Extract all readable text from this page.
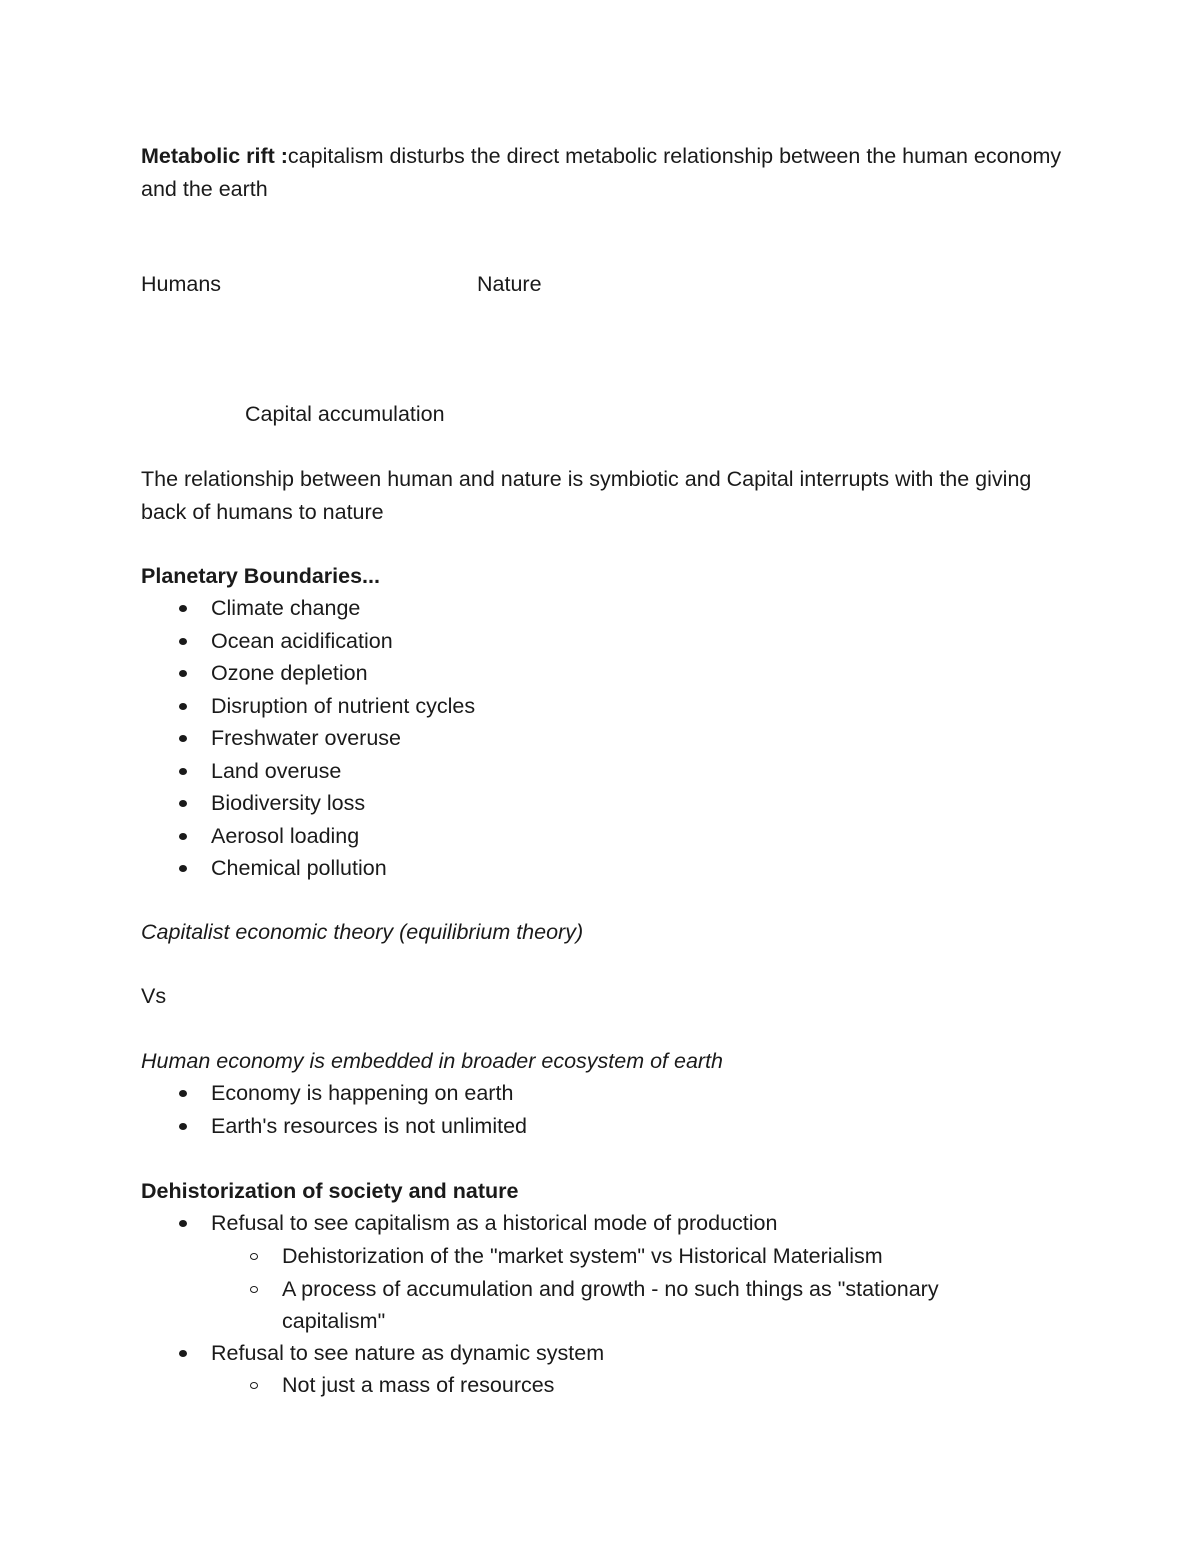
Metabolic rift :capitalism disturbs the direct metabolic relationship between the human economy and the earth
Humans	Nature
Capital accumulation
The relationship between human and nature is symbiotic and Capital interrupts with the giving back of humans to nature
Planetary Boundaries...
Climate change
Ocean acidification
Ozone depletion
Disruption of nutrient cycles
Freshwater overuse
Land overuse
Biodiversity loss
Aerosol loading
Chemical pollution
Capitalist economic theory (equilibrium theory)
Vs
Human economy is embedded in broader ecosystem of earth
Economy is happening on earth
Earth's resources is not unlimited
Dehistorization of society and nature
Refusal to see capitalism as a historical mode of production
Dehistorization of the "market system" vs Historical Materialism
A process of accumulation and growth - no such things as "stationary capitalism"
Refusal to see nature as dynamic system
Not just a mass of resources
